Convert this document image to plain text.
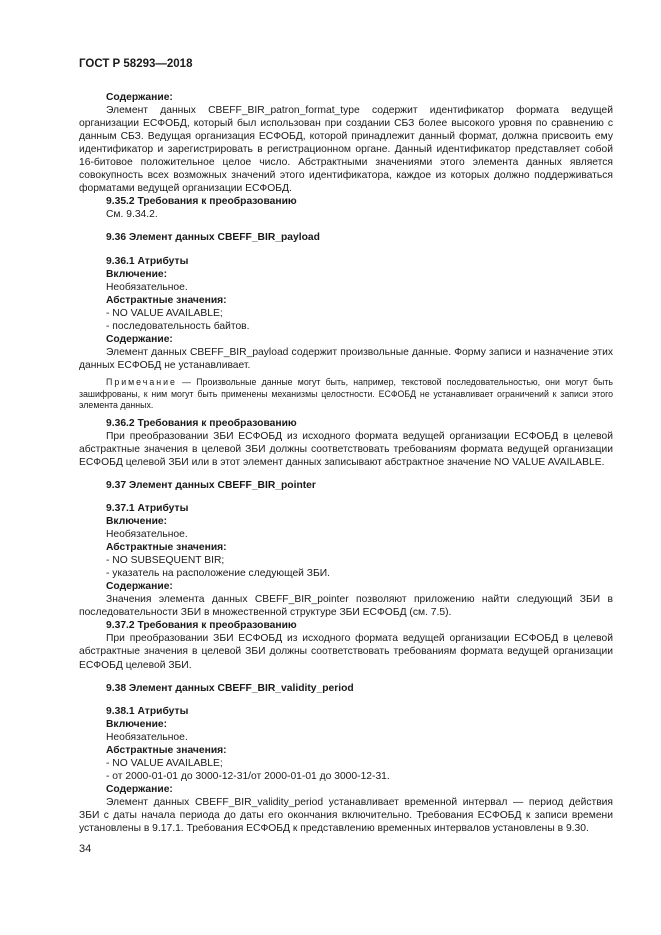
ГОСТ Р 58293—2018

Содержание:

Элемент данных CBEFF_BIR_patron_format_type содержит идентификатор формата ведущей организации ЕСФОБД, который был использован при создании СБЗ более высокого уровня по сравнению с данным СБЗ. Ведущая организация ЕСФОБД, которой принадлежит данный формат, должна присвоить ему идентификатор и зарегистрировать в регистрационном органе. Данный идентификатор представляет собой 16-битовое положительное целое число. Абстрактными значениями этого элемента данных является совокупность всех возможных значений этого идентификатора, каждое из которых должно поддерживаться форматами ведущей организации ЕСФОБД.

9.35.2 Требования к преобразованию

См. 9.34.2.

9.36 Элемент данных CBEFF_BIR_payload

9.36.1 Атрибуты

Включение:

Необязательное.

Абстрактные значения:

- NO VALUE AVAILABLE;

- последовательность байтов.

Содержание:

Элемент данных CBEFF_BIR_payload содержит произвольные данные. Форму записи и назначение этих данных ЕСФОБД не устанавливает.

Примечание — Произвольные данные могут быть, например, текстовой последовательностью, они могут быть зашифрованы, к ним могут быть применены механизмы целостности. ЕСФОБД не устанавливает ограничений к записи этого элемента данных.

9.36.2 Требования к преобразованию

При преобразовании ЗБИ ЕСФОБД из исходного формата ведущей организации ЕСФОБД в целевой абстрактные значения в целевой ЗБИ должны соответствовать требованиям формата ведущей организации ЕСФОБД целевой ЗБИ или в этот элемент данных записывают абстрактное значение NO VALUE AVAILABLE.

9.37 Элемент данных CBEFF_BIR_pointer

9.37.1 Атрибуты

Включение:

Необязательное.

Абстрактные значения:

- NO SUBSEQUENT BIR;

- указатель на расположение следующей ЗБИ.

Содержание:

Значения элемента данных CBEFF_BIR_pointer позволяют приложению найти следующий ЗБИ в последовательности ЗБИ в множественной структуре ЗБИ ЕСФОБД (см. 7.5).

9.37.2 Требования к преобразованию

При преобразовании ЗБИ ЕСФОБД из исходного формата ведущей организации ЕСФОБД в целевой абстрактные значения в целевой ЗБИ должны соответствовать требованиям формата ведущей организации ЕСФОБД целевой ЗБИ.

9.38 Элемент данных CBEFF_BIR_validity_period

9.38.1 Атрибуты

Включение:

Необязательное.

Абстрактные значения:

- NO VALUE AVAILABLE;

- от 2000-01-01 до 3000-12-31/от 2000-01-01 до 3000-12-31.

Содержание:

Элемент данных CBEFF_BIR_validity_period устанавливает временной интервал — период действия ЗБИ с даты начала периода до даты его окончания включительно. Требования ЕСФОБД к записи времени установлены в 9.17.1. Требования ЕСФОБД к представлению временных интервалов установлены в 9.30.

34
